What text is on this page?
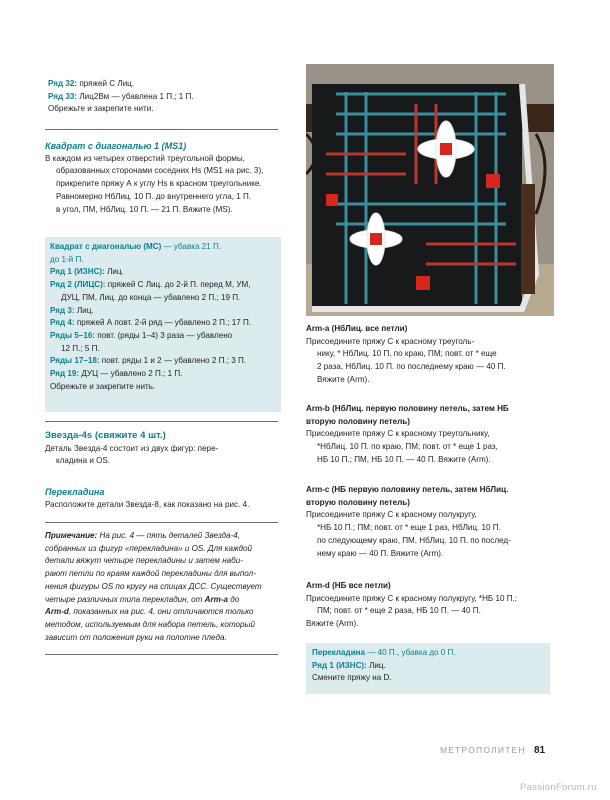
Ряд 32: пряжей С Лиц.
Ряд 33: Лиц2Вм — убавлена 1 П.; 1 П.
Обрежьте и закрепите нити.
Квадрат с диагональю 1 (MS1)
В каждом из четырех отверстий треугольной формы,
образованных сторонами соседних Hs (MS1 на рис. 3),
прикрепите пряжу А к углу Hs в красном треугольнике.
Равномерно НбЛиц. 10 П. до внутреннего угла, 1 П.
в угол, ПМ, НбЛиц. 10 П. — 21 П. Вяжите (MS).
Квадрат с диагональю (MC) — убавка 21 П.
до 1-й П.
Ряд 1 (ИЗНС): Лиц.
Ряд 2 (ЛИЦС): пряжей С Лиц. до 2-й П. перед М, УМ,
ДУЦ, ПМ, Лиц. до конца — убавлено 2 П.; 19 П.
Ряд 3: Лиц.
Ряд 4: пряжей А повт. 2-й ряд — убавлено 2 П.; 17 П.
Ряды 5–16: повт. (ряды 1–4) 3 раза — убавлено
12 П.; 5 П.
Ряды 17–18: повт. ряды 1 и 2 — убавлено 2 П.; 3 П.
Ряд 19: ДУЦ — убавлено 2 П.; 1 П.
Обрежьте и закрепите нить.
Звезда-4s (свяжите 4 шт.)
Деталь Звезда-4 состоит из двух фигур: пере-
кладина и OS.
Перекладина
Расположите детали Звезда-8, как показано на рис. 4.
Примечание: На рис. 4 — пять деталей Звезда-4,
собранных из фигур «перекладина» и OS. Для каждой
детали вяжут четыре перекладины и затем наби-
рают петли по краям каждой перекладины для выпол-
нения фигуры OS по кругу на спицах ДСС. Существует
четыре различных типа перекладин, от Arm-a до
Arm-d, показанных на рис. 4, они отличаются только
методом, используемым для набора петель, который
зависит от положения руки на полотне пледа.
Arm-a (НбЛиц. все петли)
Присоедините пряжу С к красному треуголь-
нику, * НбЛиц. 10 П. по краю, ПМ; повт. от * еще
2 раза, НбЛиц. 10 П. по последнему краю — 40 П.
Вяжите (Arm).
Arm-b (НбЛиц. первую половину петель, затем НБ
вторую половину петель)
Присоедините пряжу С к красному треугольнику,
*НбЛиц. 10 П. по краю, ПМ; повт. от * еще 1 раз,
НБ 10 П.; ПМ, НБ 10 П. — 40 П. Вяжите (Arm).
Arm-c (НБ первую половину петель, затем НбЛиц.
вторую половину петель)
Присоедините пряжу С к красному полукругу,
*НБ 10 П.; ПМ; повт. от * еще 1 раз, НбЛиц. 10 П.
по следующему краю, ПМ, НбЛиц. 10 П. по послед-
нему краю — 40 П. Вяжите (Arm).
Arm-d (НБ все петли)
Присоедините пряжу С к красному полукругу, *НБ 10 П.;
ПМ; повт. от * еще 2 раза, НБ 10 П. — 40 П.
Вяжите (Arm).
Перекладина — 40 П., убавка до 0 П.
Ряд 1 (ИЗНС): Лиц.
Смените пряжу на D.
МЕТРОПОЛИТЕН 81
PassionForum.ru
